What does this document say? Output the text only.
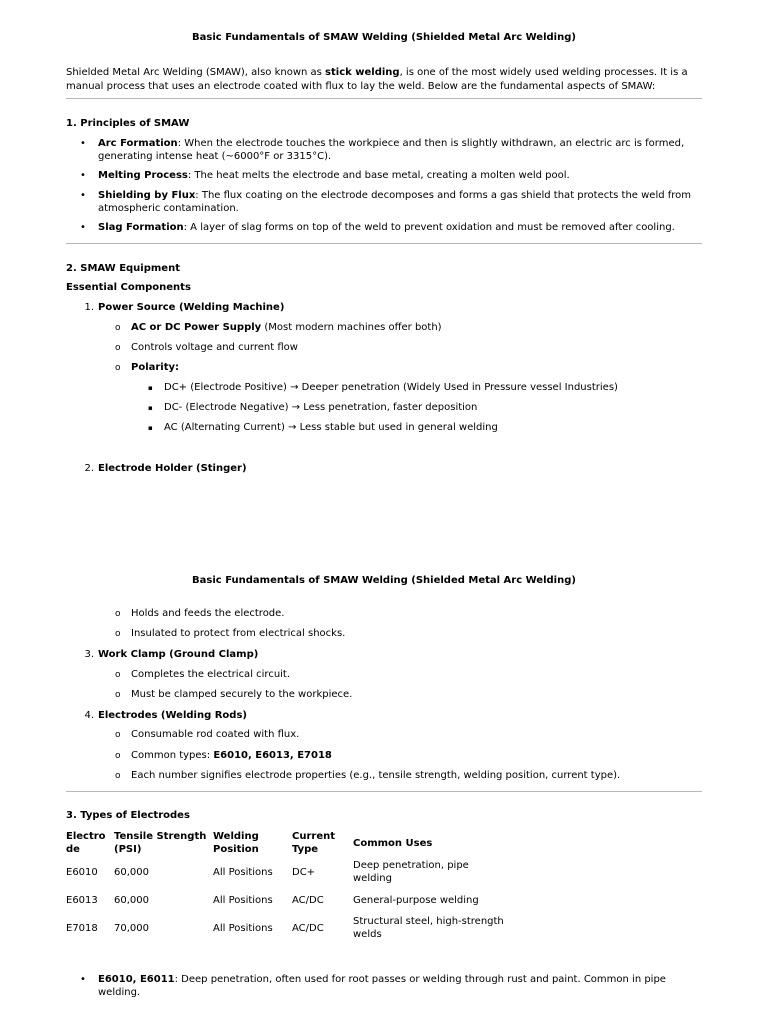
Basic Fundamentals of SMAW Welding (Shielded Metal Arc Welding)
Shielded Metal Arc Welding (SMAW), also known as stick welding, is one of the most widely used welding processes. It is a manual process that uses an electrode coated with flux to lay the weld. Below are the fundamental aspects of SMAW:
1. Principles of SMAW
• Arc Formation: When the electrode touches the workpiece and then is slightly withdrawn, an electric arc is formed, generating intense heat (~6000°F or 3315°C).
• Melting Process: The heat melts the electrode and base metal, creating a molten weld pool.
• Shielding by Flux: The flux coating on the electrode decomposes and forms a gas shield that protects the weld from atmospheric contamination.
• Slag Formation: A layer of slag forms on top of the weld to prevent oxidation and must be removed after cooling.
2. SMAW Equipment
Essential Components
1. Power Source (Welding Machine)
o AC or DC Power Supply (Most modern machines offer both)
o Controls voltage and current flow
o Polarity:
▪ DC+ (Electrode Positive) → Deeper penetration (Widely Used in Pressure vessel Industries)
▪ DC- (Electrode Negative) → Less penetration, faster deposition
▪ AC (Alternating Current) → Less stable but used in general welding
2. Electrode Holder (Stinger)
Basic Fundamentals of SMAW Welding (Shielded Metal Arc Welding)
o Holds and feeds the electrode.
o Insulated to protect from electrical shocks.
3. Work Clamp (Ground Clamp)
o Completes the electrical circuit.
o Must be clamped securely to the workpiece.
4. Electrodes (Welding Rods)
o Consumable rod coated with flux.
o Common types: E6010, E6013, E7018
o Each number signifies electrode properties (e.g., tensile strength, welding position, current type).
3. Types of Electrodes
Electro de	Tensile Strength (PSI)	Welding Position	Current Type	Common Uses
E6010	60,000	All Positions	DC+	Deep penetration, pipe welding
E6013	60,000	All Positions	AC/DC	General-purpose welding
E7018	70,000	All Positions	AC/DC	Structural steel, high-strength welds
• E6010, E6011: Deep penetration, often used for root passes or welding through rust and paint. Common in pipe welding.
